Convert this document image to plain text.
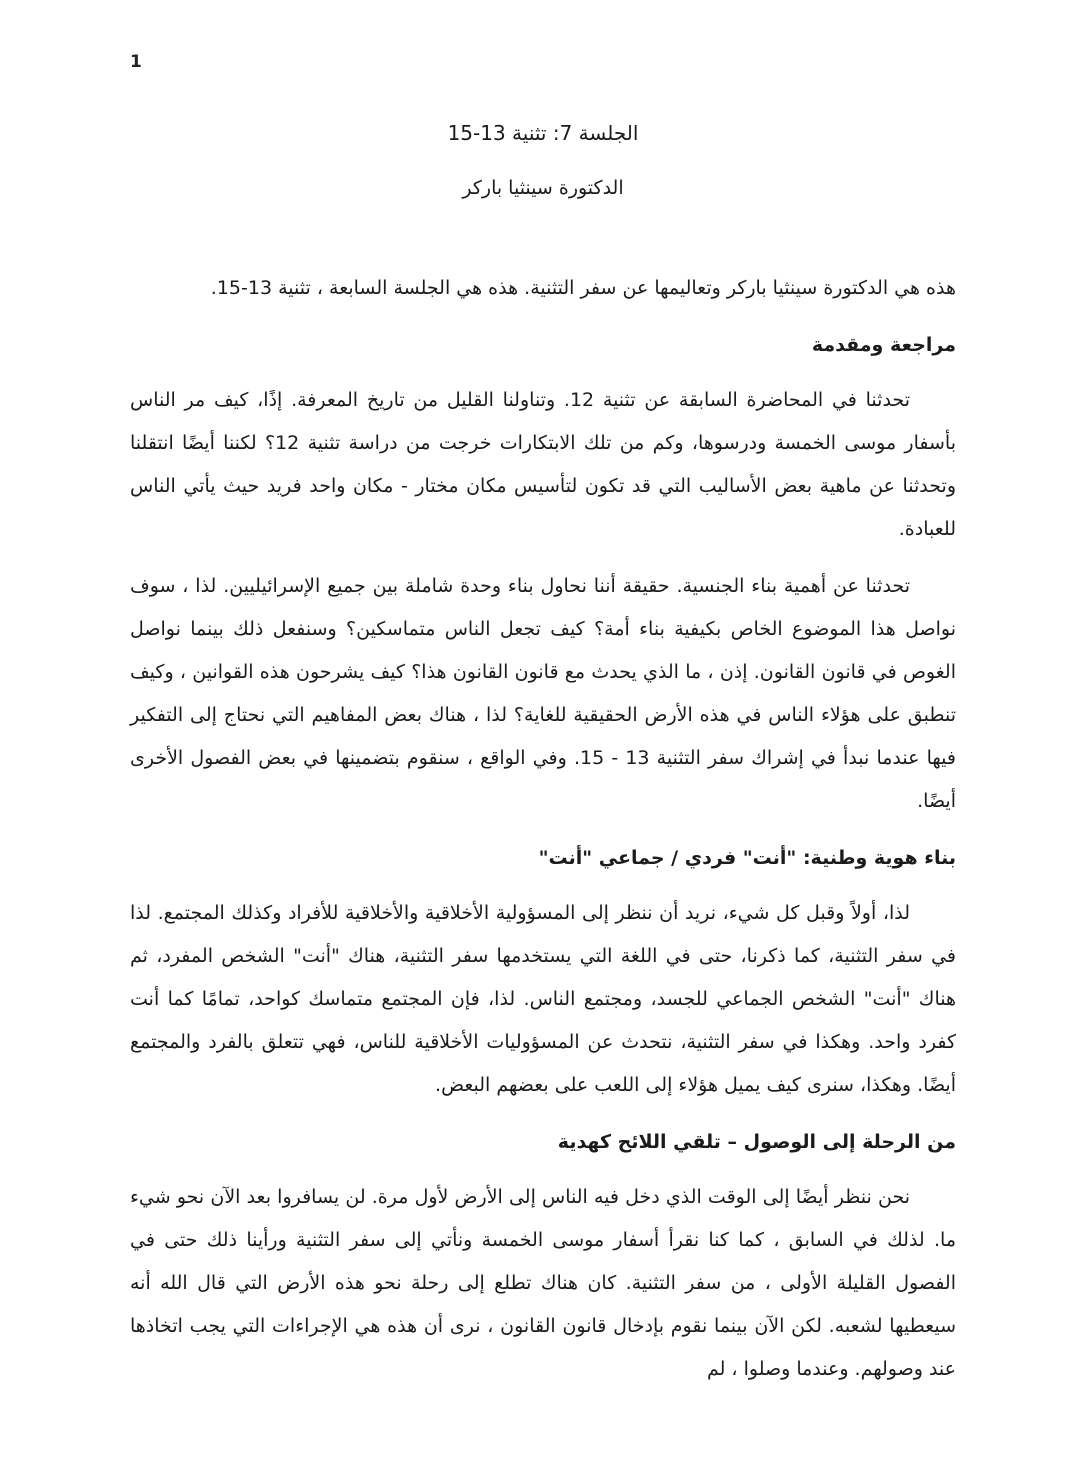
1
الجلسة 7: تثنية 13-15
الدكتورة سينثيا باركر

هذه هي الدكتورة سينثيا باركر وتعاليمها عن سفر التثنية. هذه هي الجلسة السابعة ، تثنية 13-15.

مراجعة ومقدمة

تحدثنا في المحاضرة السابقة عن تثنية 12. وتناولنا القليل من تاريخ المعرفة. إذًا، كيف مر الناس بأسفار موسى الخمسة ودرسوها، وكم من تلك الابتكارات خرجت من دراسة تثنية 12؟ لكننا أيضًا انتقلنا وتحدثنا عن ماهية بعض الأساليب التي قد تكون لتأسيس مكان مختار - مكان واحد فريد حيث يأتي الناس للعبادة.

تحدثنا عن أهمية بناء الجنسية. حقيقة أننا نحاول بناء وحدة شاملة بين جميع الإسرائيليين. لذا ، سوف نواصل هذا الموضوع الخاص بكيفية بناء أمة؟ كيف تجعل الناس متماسكين؟ وسنفعل ذلك بينما نواصل الغوص في قانون القانون. إذن ، ما الذي يحدث مع قانون القانون هذا؟ كيف يشرحون هذه القوانين ، وكيف تنطبق على هؤلاء الناس في هذه الأرض الحقيقية للغاية؟ لذا ، هناك بعض المفاهيم التي نحتاج إلى التفكير فيها عندما نبدأ في إشراك سفر التثنية 13 - 15. وفي الواقع ، سنقوم بتضمينها في بعض الفصول الأخرى أيضًا.

بناء هوية وطنية: "أنت" فردي / جماعي "أنت"

لذا، أولاً وقبل كل شيء، نريد أن ننظر إلى المسؤولية الأخلاقية والأخلاقية للأفراد وكذلك المجتمع. لذا في سفر التثنية، كما ذكرنا، حتى في اللغة التي يستخدمها سفر التثنية، هناك "أنت" الشخص المفرد، ثم هناك "أنت" الشخص الجماعي للجسد، ومجتمع الناس. لذا، فإن المجتمع متماسك كواحد، تمامًا كما أنت كفرد واحد. وهكذا في سفر التثنية، نتحدث عن المسؤوليات الأخلاقية للناس، فهي تتعلق بالفرد والمجتمع أيضًا. وهكذا، سنرى كيف يميل هؤلاء إلى اللعب على بعضهم البعض.

من الرحلة إلى الوصول – تلقي اللائح كهدية

نحن ننظر أيضًا إلى الوقت الذي دخل فيه الناس إلى الأرض لأول مرة. لن يسافروا بعد الآن نحو شيء ما. لذلك في السابق ، كما كنا نقرأ أسفار موسى الخمسة ونأتي إلى سفر التثنية ورأينا ذلك حتى في الفصول القليلة الأولى ، من سفر التثنية. كان هناك تطلع إلى رحلة نحو هذه الأرض التي قال الله أنه سيعطيها لشعبه. لكن الآن بينما نقوم بإدخال قانون القانون ، نرى أن هذه هي الإجراءات التي يجب اتخاذها عند وصولهم. وعندما وصلوا ، لم
